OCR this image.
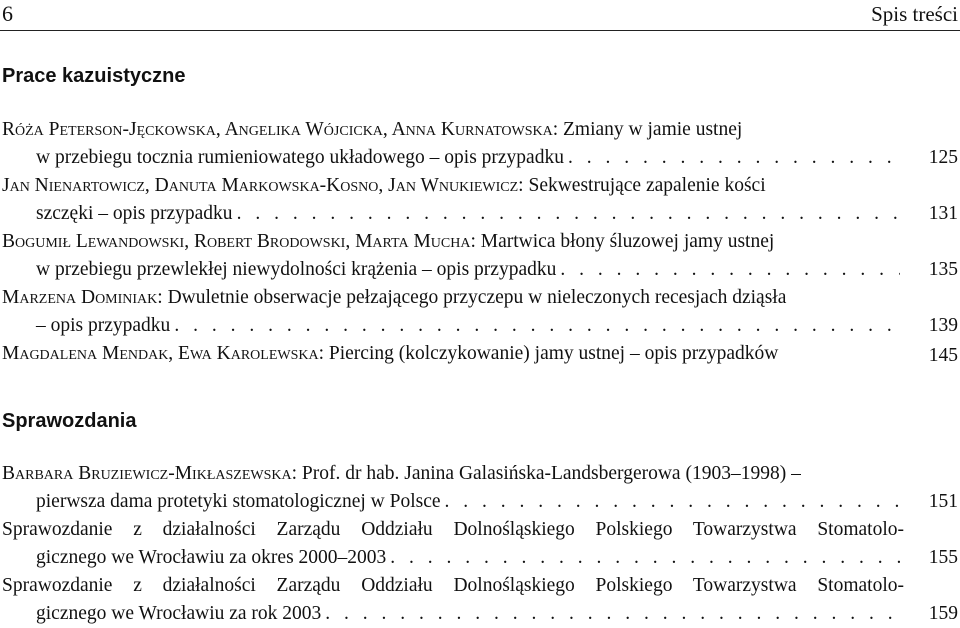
6	Spis treści
Prace kazuistyczne
Róża Peterson-Jęckowska, Angelika Wójcicka, Anna Kurnatowska: Zmiany w jamie ustnej
w przebiegu tocznia rumieniowatego układowego – opis przypadku . . .	125
Jan Nienartowicz, Danuta Markowska-Kosno, Jan Wnukiewicz: Sekwestrujące zapalenie kości
szczęki – opis przypadku . . .	131
Bogumił Lewandowski, Robert Brodowski, Marta Mucha: Martwica błony śluzowej jamy ustnej
w przebiegu przewlekłej niewydolności krążenia – opis przypadku . . .	135
Marzena Dominiak: Dwuletnie obserwacje pełzającego przyczepu w nieleczonych recesjach dziąsła
– opis przypadku . . .	139
Magdalena Mendak, Ewa Karolewska: Piercing (kolczykowanie) jamy ustnej – opis przypadków	145
Sprawozdania
Barbara Bruziewicz-Mikłaszewska: Prof. dr hab. Janina Galasińska-Landsbergerowa (1903–1998) –
pierwsza dama protetyki stomatologicznej w Polsce . . .	151
Sprawozdanie z działalności Zarządu Oddziału Dolnośląskiego Polskiego Towarzystwa Stomatolo-
gicznego we Wrocławiu za okres 2000–2003 . . .	155
Sprawozdanie z działalności Zarządu Oddziału Dolnośląskiego Polskiego Towarzystwa Stomatolo-
gicznego we Wrocławiu za rok 2003 . . .	159
